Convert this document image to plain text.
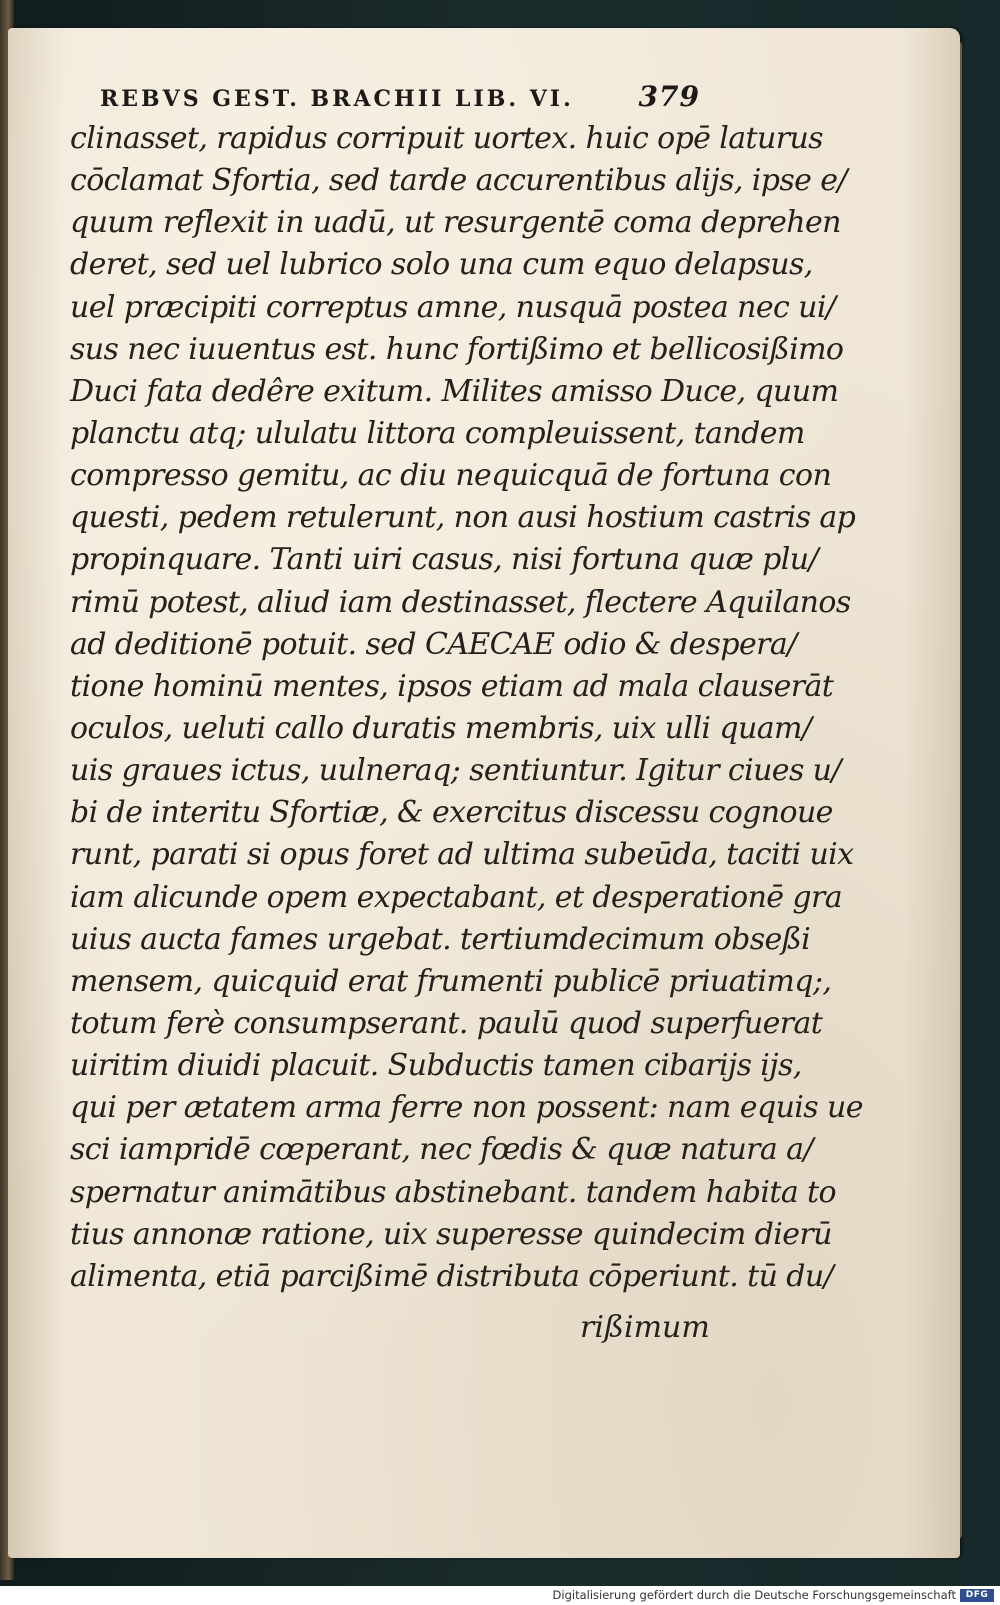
REBVS GEST. BRACHII LIB. VI. 379
clinasset, rapidus corripuit uortex. huic opē laturus
cōclamat Sfortia, sed tarde accurentibus alijs, ipse e/
quum reflexit in uadū, ut resurgentē coma deprehen
deret, sed uel lubrico solo una cum equo delapsus,
uel præcipiti correptus amne, nusquā postea nec ui/
sus nec iuuentus est. hunc fortißimo et bellicosißimo
Duci fata dedêre exitum. Milites amisso Duce, quum
planctu atq; ululatu littora compleuissent, tandem
compresso gemitu, ac diu nequicquā de fortuna con
questi, pedem retulerunt, non ausi hostium castris ap
propinquare. Tanti uiri casus, nisi fortuna quæ plu/
rimū potest, aliud iam destinasset, flectere Aquilanos
ad deditionē potuit. sed CAECAE odio & despera/
tione hominū mentes, ipsos etiam ad mala clauserāt
oculos, ueluti callo duratis membris, uix ulli quam/
uis graues ictus, uulneraq; sentiuntur. Igitur ciues u/
bi de interitu Sfortiæ, & exercitus discessu cognoue
runt, parati si opus foret ad ultima subeūda, taciti uix
iam alicunde opem expectabant, et desperationē gra
uius aucta fames urgebat. tertiumdecimum obseßi
mensem, quicquid erat frumenti publicē priuatimq;,
totum ferè consumpserant. paulū quod superfuerat
uiritim diuidi placuit. Subductis tamen cibarijs ijs,
qui per ætatem arma ferre non possent: nam equis ue
sci iampridē cœperant, nec fœdis & quæ natura a/
spernatur animātibus abstinebant. tandem habita to
tius annonæ ratione, uix superesse quindecim dierū
alimenta, etiā parcißimē distributa cōperiunt. tū du/
rißimum
Digitalisierung gefördert durch die Deutsche Forschungsgemeinschaft	DFG
